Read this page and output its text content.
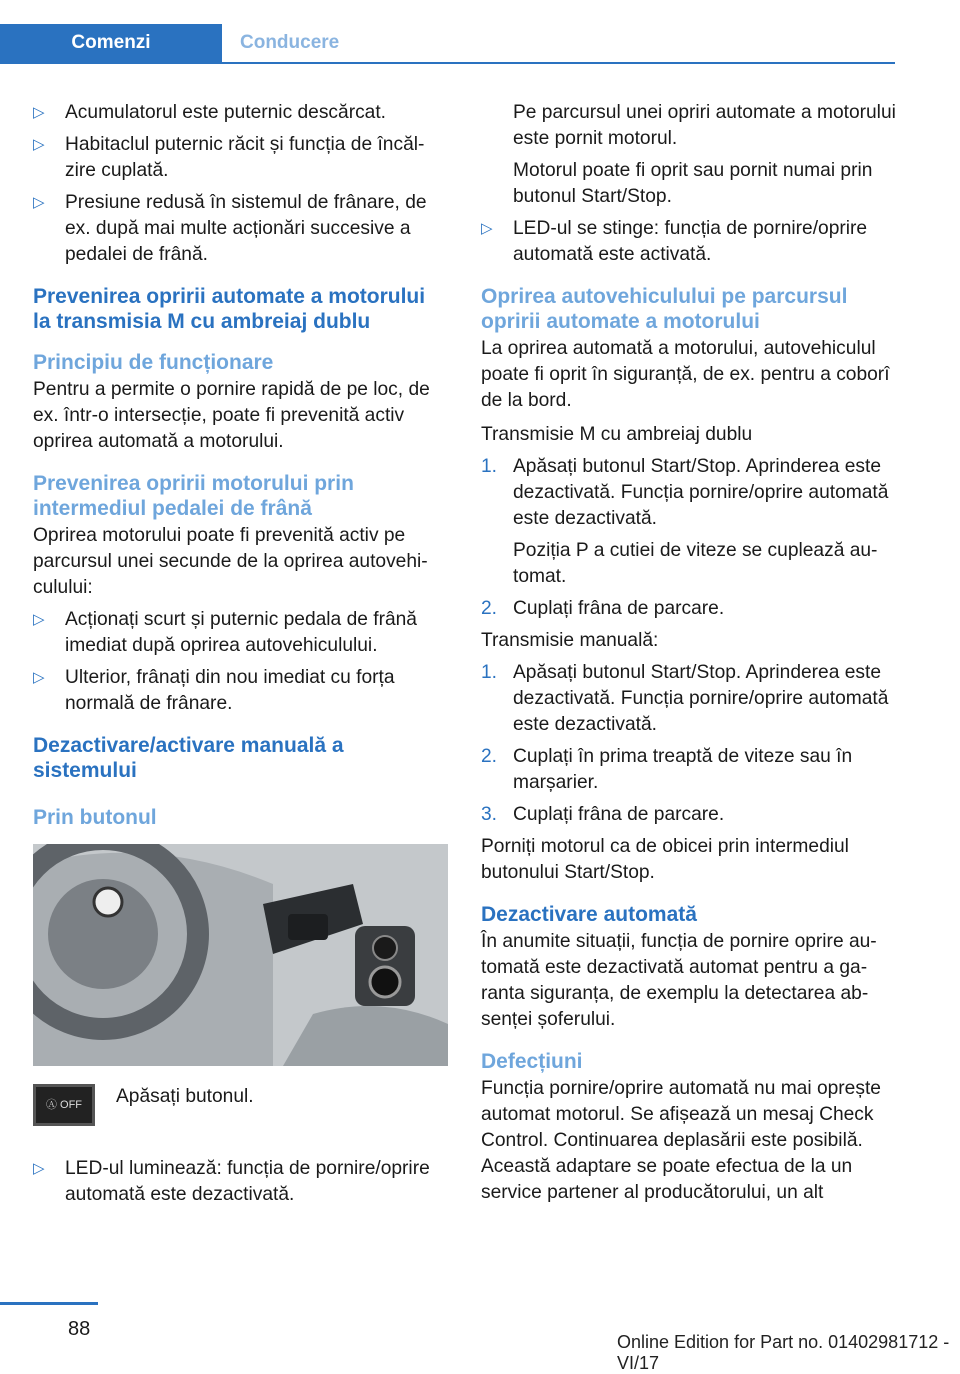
Comenzi	Conducere
▷ Acumulatorul este puternic descărcat.
▷ Habitaclul puternic răcit și funcția de încălzire cuplată.
▷ Presiune redusă în sistemul de frânare, de ex. după mai multe acționări succesive a pedalei de frână.
Prevenirea opririi automate a motorului la transmisia M cu ambreiaj dublu
Principiu de funcționare

Pentru a permite o pornire rapidă de pe loc, de ex. într-o intersecție, poate fi prevenită activ oprirea automată a motorului.

Prevenirea opririi motorului prin intermediul pedalei de frână

Oprirea motorului poate fi prevenită activ pe parcursul unei secunde de la oprirea autovehiculului:

▷ Acționați scurt și puternic pedala de frână imediat după oprirea autovehiculului.
▷ Ulterior, frânați din nou imediat cu forța normală de frânare.
Dezactivare/activare manuală a sistemului
Prin butonul
Ⓐ OFF	Apăsați butonul.

▷ LED-ul luminează: funcția de pornire/oprire automată este dezactivată.

Pe parcursul unei opriri automate a motorului este pornit motorul.

Motorul poate fi oprit sau pornit numai prin butonul Start/Stop.

▷ LED-ul se stinge: funcția de pornire/oprire automată este activată.
Oprirea autovehiculului pe parcursul opririi automate a motorului

La oprirea automată a motorului, autovehiculul poate fi oprit în siguranță, de ex. pentru a coborî de la bord.

Transmisie M cu ambreiaj dublu

1. Apăsați butonul Start/Stop. Aprinderea este dezactivată. Funcția pornire/oprire automată este dezactivată.

Poziția P a cutiei de viteze se cuplează automat.

2. Cuplați frâna de parcare.

Transmisie manuală:

1. Apăsați butonul Start/Stop. Aprinderea este dezactivată. Funcția pornire/oprire automată este dezactivată.
2. Cuplați în prima treaptă de viteze sau în marșarier.
3. Cuplați frâna de parcare.

Porniți motorul ca de obicei prin intermediul butonului Start/Stop.

Dezactivare automată

În anumite situații, funcția de pornire oprire automată este dezactivată automat pentru a garanta siguranța, de exemplu la detectarea absenței șoferului.

Defecțiuni

Funcția pornire/oprire automată nu mai oprește automat motorul. Se afișează un mesaj Check Control. Continuarea deplasării este posibilă. Această adaptare se poate efectua de la un service partener al producătorului, un alt

88
Online Edition for Part no. 01402981712 - VI/17
